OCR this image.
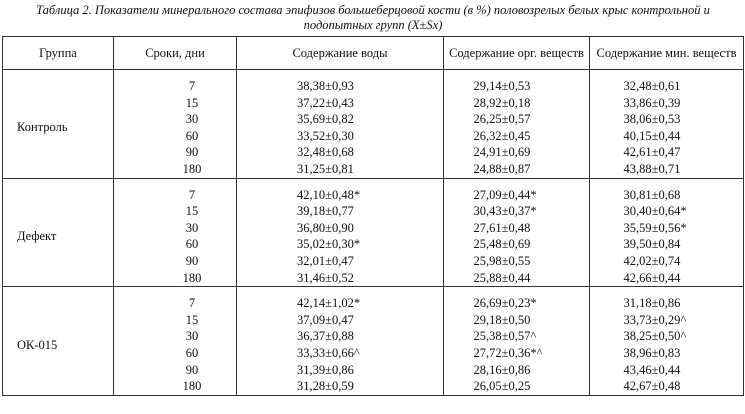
Таблица 2. Показатели минерального состава эпифизов большеберцовой кости (в %) половозрелых белых крыс контрольной и подопытных групп (X±Sx)
Группа	Сроки, дни	Содержание воды	Содержание орг. веществ	Содержание мин. веществ

Контроль	7	38,38±0,93	29,14±0,53	32,48±0,61
	15	37,22±0,43	28,92±0,18	33,86±0,39
	30	35,69±0,82	26,25±0,57	38,06±0,53
	60	33,52±0,30	26,32±0,45	40,15±0,44
	90	32,48±0,68	24,91±0,69	42,61±0,47
	180	31,25±0,81	24,88±0,87	43,88±0,71

Дефект	7	42,10±0,48*	27,09±0,44*	30,81±0,68
	15	39,18±0,77	30,43±0,37*	30,40±0,64*
	30	36,80±0,90	27,61±0,48	35,59±0,56*
	60	35,02±0,30*	25,48±0,69	39,50±0,84
	90	32,01±0,47	25,98±0,55	42,02±0,74
	180	31,46±0,52	25,88±0,44	42,66±0,44

ОК-015	7	42,14±1,02*	26,69±0,23*	31,18±0,86
	15	37,09±0,47	29,18±0,50	33,73±0,29^
	30	36,37±0,88	25,38±0,57^	38,25±0,50^
	60	33,33±0,66^	27,72±0,36*^	38,96±0,83
	90	31,39±0,86	28,16±0,86	43,46±0,44
	180	31,28±0,59	26,05±0,25	42,67±0,48
